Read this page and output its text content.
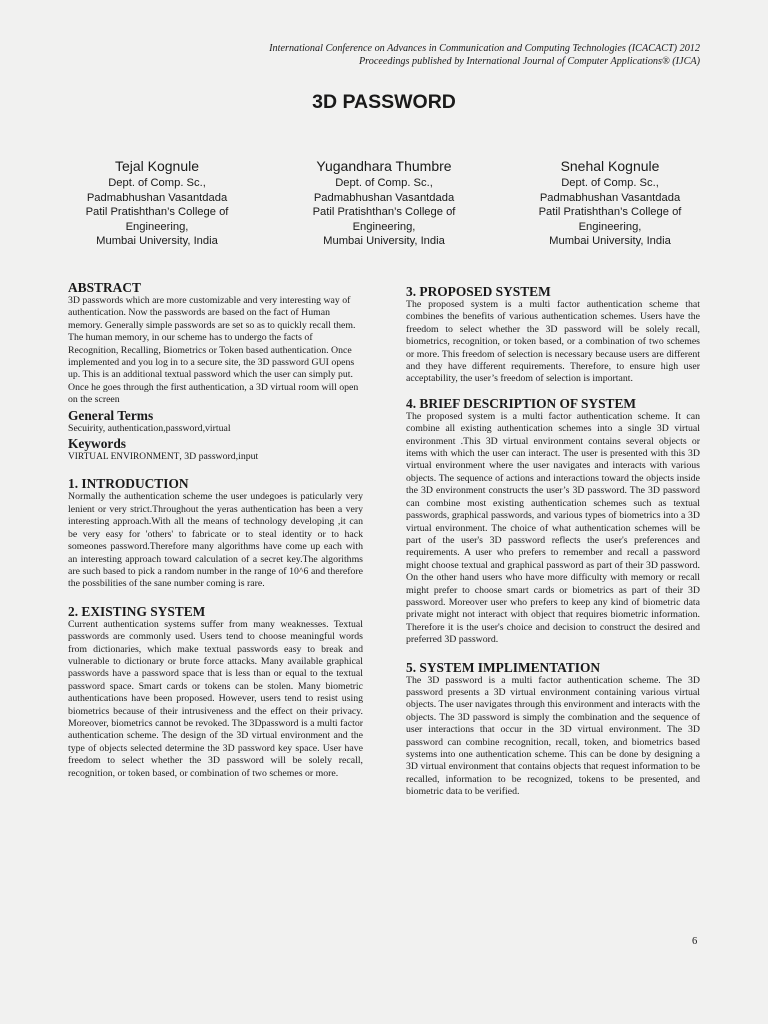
International Conference on Advances in Communication and Computing Technologies (ICACACT) 2012
Proceedings published by International Journal of Computer Applications® (IJCA)
3D PASSWORD
Tejal Kognule
Dept. of Comp. Sc.,
Padmabhushan Vasantdada
Patil Pratishthan’s College of
Engineering,
Mumbai University, India
Yugandhara Thumbre
Dept. of Comp. Sc.,
Padmabhushan Vasantdada
Patil Pratishthan’s College of
Engineering,
Mumbai University, India
Snehal Kognule
Dept. of Comp. Sc.,
Padmabhushan Vasantdada
Patil Pratishthan’s College of
Engineering,
Mumbai University, India
ABSTRACT

3D passwords which are more customizable and very interesting way of authentication. Now the passwords are based on the fact of Human memory. Generally simple passwords are set so as to quickly recall them. The human memory, in our scheme has to undergo the facts of Recognition, Recalling, Biometrics or Token based authentication. Once implemented and you log in to a secure site, the 3D password GUI opens up. This is an additional textual password which the user can simply put. Once he goes through the first authentication, a 3D virtual room will open on the screen

General Terms

Secuirity, authentication,password,virtual

Keywords

VIRTUAL ENVIRONMENT, 3D password,input

1. INTRODUCTION

Normally the authentication scheme the user undegoes is paticularly very lenient or very strict.Throughout the yeras authentication has been a very interesting approach.With all the means of technology developing ,it can be very easy for 'others' to fabricate or to steal identity or to hack someones password.Therefore many algorithms have come up each with an interesting approach toward calculation of a secret key.The algorithms are such based to pick a random number in the range of 10^6 and therefore the possbilities of the sane number coming is rare.

2. EXISTING SYSTEM

Current authentication systems suffer from many weaknesses. Textual passwords are commonly used. Users tend to choose meaningful words from dictionaries, which make textual passwords easy to break and vulnerable to dictionary or brute force attacks. Many available graphical passwords have a password space that is less than or equal to the textual password space. Smart cards or tokens can be stolen. Many biometric authentications have been proposed. However, users tend to resist using biometrics because of their intrusiveness and the effect on their privacy. Moreover, biometrics cannot be revoked. The 3Dpassword is a multi factor authentication scheme. The design of the 3D virtual environment and the type of objects selected determine the 3D password key space. User have freedom to select whether the 3D password will be solely recall, recognition, or token based, or combination of two schemes or more.

3. PROPOSED SYSTEM

The proposed system is a multi factor authentication scheme that combines the benefits of various authentication schemes. Users have the freedom to select whether the 3D password will be solely recall, biometrics, recognition, or token based, or a combination of two schemes or more. This freedom of selection is necessary because users are different and they have different requirements. Therefore, to ensure high user acceptability, the user’s freedom of selection is important.

4. BRIEF DESCRIPTION OF SYSTEM

The proposed system is a multi factor authentication scheme. It can combine all existing authentication schemes into a single 3D virtual environment .This 3D virtual environment contains several objects or items with which the user can interact. The user is presented with this 3D virtual environment where the user navigates and interacts with various objects. The sequence of actions and interactions toward the objects inside the 3D environment constructs the user’s 3D password. The 3D password can combine most existing authentication schemes such as textual passwords, graphical passwords, and various types of biometrics into a 3D virtual environment. The choice of what authentication schemes will be part of the user's 3D password reflects the user's preferences and requirements. A user who prefers to remember and recall a password might choose textual and graphical password as part of their 3D password. On the other hand users who have more difficulty with memory or recall might prefer to choose smart cards or biometrics as part of their 3D password. Moreover user who prefers to keep any kind of biometric data private might not interact with object that requires biometric information. Therefore it is the user's choice and decision to construct the desired and preferred 3D password.

5. SYSTEM IMPLIMENTATION

The 3D password is a multi factor authentication scheme. The 3D password presents a 3D virtual environment containing various virtual objects. The user navigates through this environment and interacts with the objects. The 3D password is simply the combination and the sequence of user interactions that occur in the 3D virtual environment. The 3D password can combine recognition, recall, token, and biometrics based systems into one authentication scheme. This can be done by designing a 3D virtual environment that contains objects that request information to be recalled, information to be recognized, tokens to be presented, and biometric data to be verified.

6
